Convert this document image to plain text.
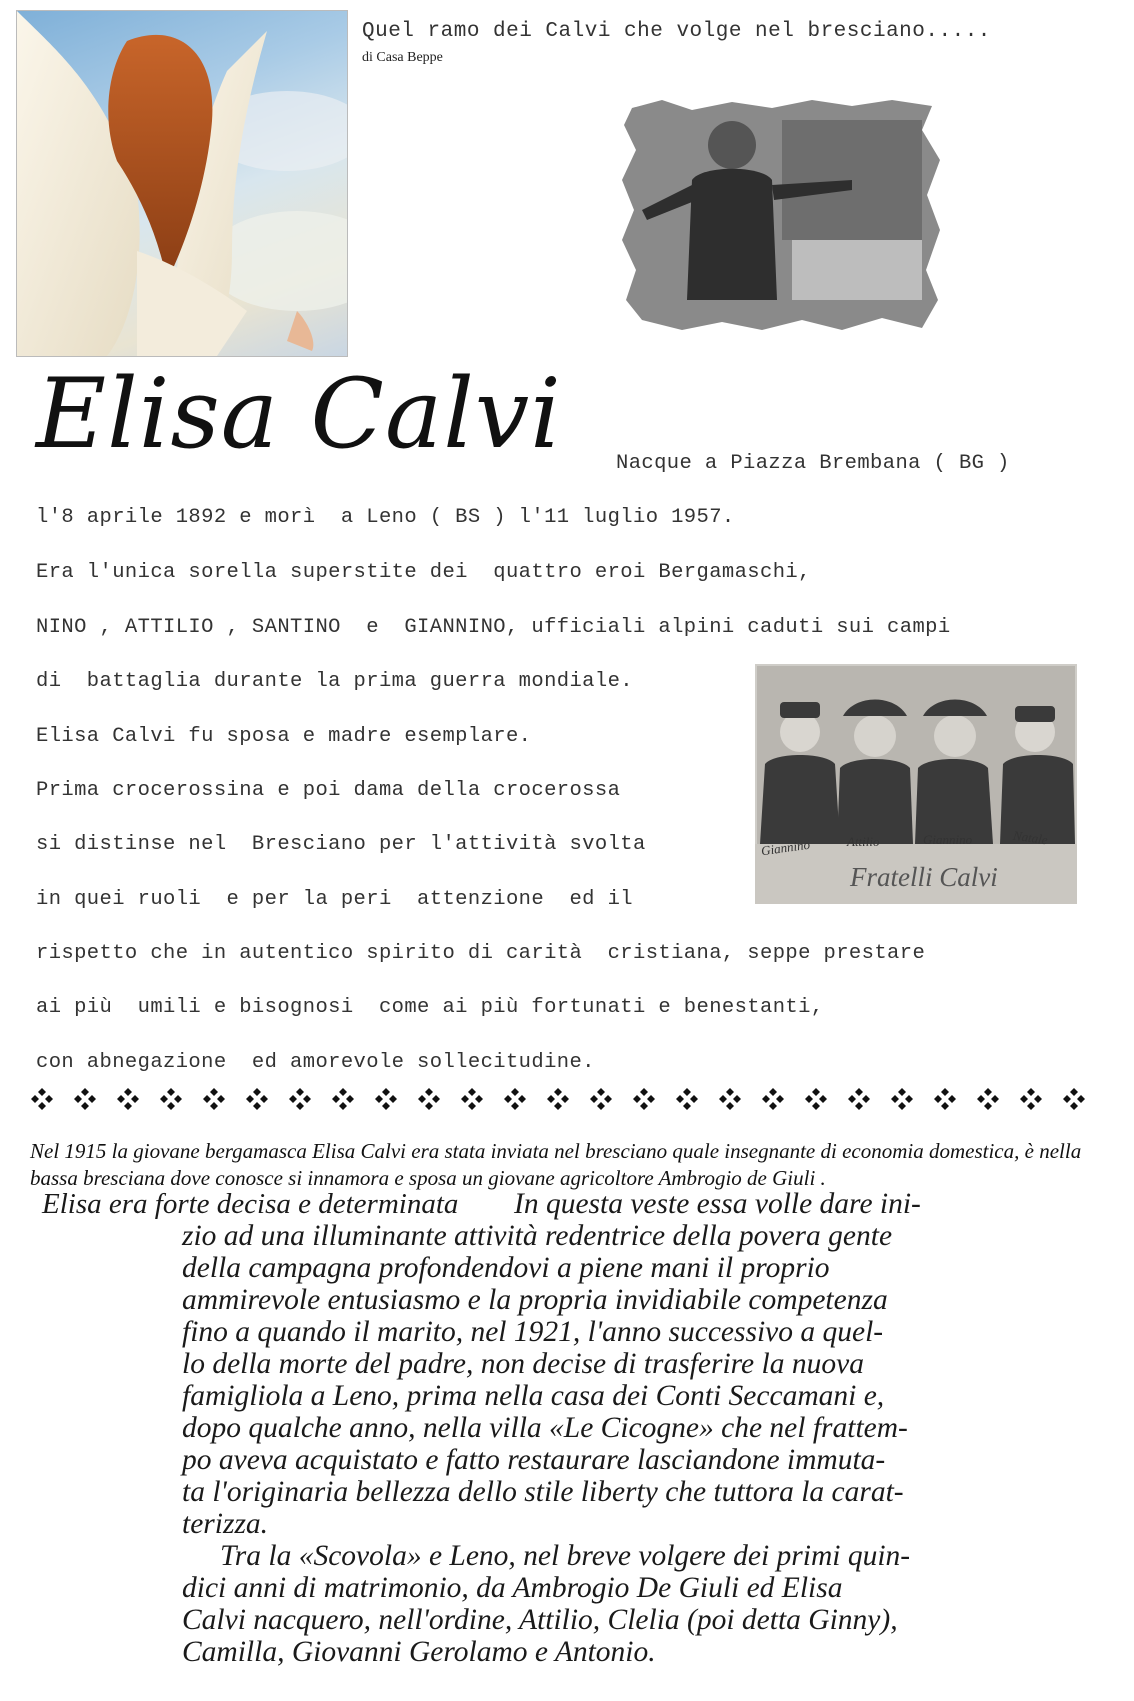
Quel ramo dei Calvi che volge nel bresciano.....
di Casa Beppe
Elisa Calvi	Nacque a Piazza Brembana ( BG )
l'8 aprile 1892 e morì  a Leno ( BS ) l'11 luglio 1957.
Era l'unica sorella superstite dei  quattro eroi Bergamaschi,
NINO , ATTILIO , SANTINO  e  GIANNINO, ufficiali alpini caduti sui campi
di  battaglia durante la prima guerra mondiale.
Elisa Calvi fu sposa e madre esemplare.
Prima crocerossina e poi dama della crocerossa
si distinse nel  Bresciano per l'attività svolta
in quei ruoli  e per la peri  attenzione  ed il
rispetto che in autentico spirito di carità  cristiana, seppe prestare
ai più  umili e bisognosi  come ai più fortunati e benestanti,
con abnegazione  ed amorevole sollecitudine.
Giannino	Attilio	Giannino	Natale
Fratelli Calvi
Nel 1915 la giovane bergamasca Elisa Calvi era stata inviata nel bresciano quale insegnante di economia domestica, è nella bassa bresciana dove conosce si innamora e sposa un giovane agricoltore Ambrogio de Giuli .
Elisa era forte decisa e determinata In questa veste essa volle dare ini-
zio ad una illuminante attività redentrice della povera gente
della campagna profondendovi a piene mani il proprio
ammirevole entusiasmo e la propria invidiabile competenza
fino a quando il marito, nel 1921, l'anno successivo a quel-
lo della morte del padre, non decise di trasferire la nuova
famigliola a Leno, prima nella casa dei Conti Seccamani e,
dopo qualche anno, nella villa «Le Cicogne» che nel frattem-
po aveva acquistato e fatto restaurare lasciandone immuta-
ta l'originaria bellezza dello stile liberty che tuttora la carat-
terizza.
Tra la «Scovola» e Leno, nel breve volgere dei primi quin-
dici anni di matrimonio, da Ambrogio De Giuli ed Elisa
Calvi nacquero, nell'ordine, Attilio, Clelia (poi detta Ginny),
Camilla, Giovanni Gerolamo e Antonio.
